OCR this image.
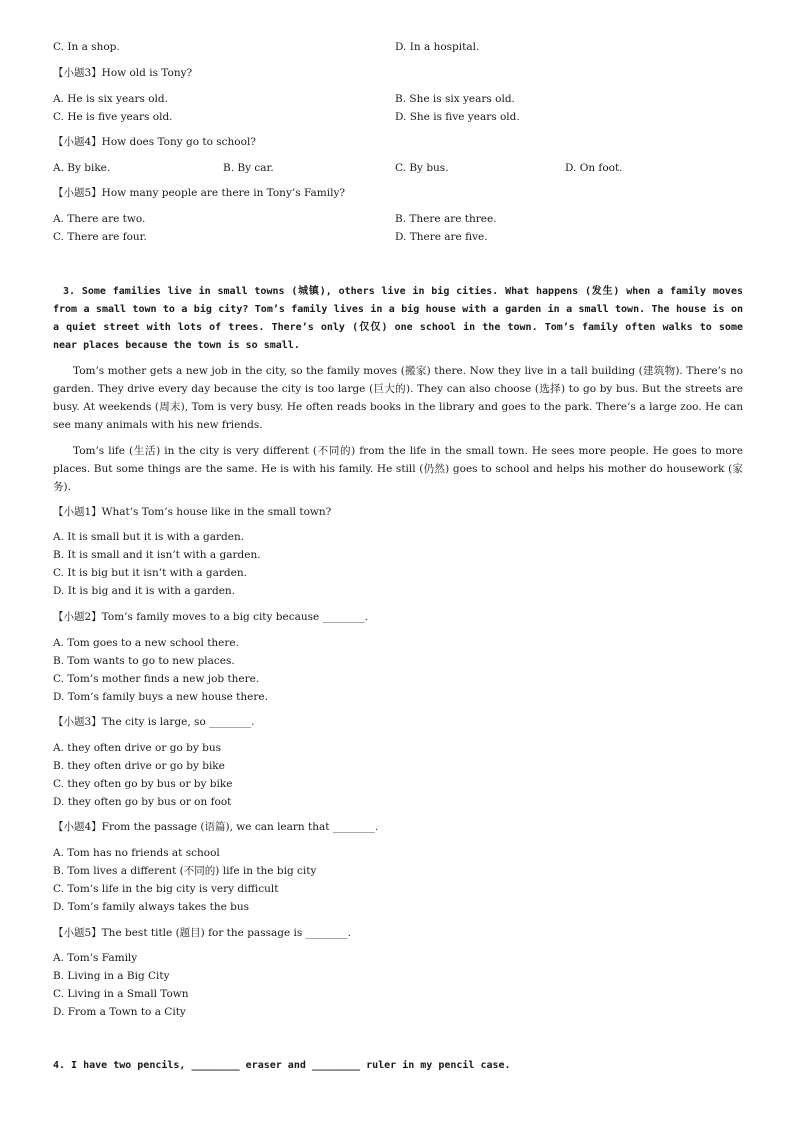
C. In a shop.	D. In a hospital.
【小题3】How old is Tony?
A. He is six years old.	B. She is six years old.
C. He is five years old.	D. She is five years old.
【小题4】How does Tony go to school?
A. By bike.	B. By car.	C. By bus.	D. On foot.
【小题5】How many people are there in Tony’s Family?
A. There are two.	B. There are three.
C. There are four.	D. There are five.
3. Some families live in small towns (城镇), others live in big cities. What happens (发生) when a family moves from a small town to a big city? Tom’s family lives in a big house with a garden in a small town. The house is on a quiet street with lots of trees. There’s only (仅仅) one school in the town. Tom’s family often walks to some near places because the town is so small.
Tom’s mother gets a new job in the city, so the family moves (搬家) there. Now they live in a tall building (建筑物). There’s no garden. They drive every day because the city is too large (巨大的). They can also choose (选择) to go by bus. But the streets are busy. At weekends (周末), Tom is very busy. He often reads books in the library and goes to the park. There’s a large zoo. He can see many animals with his new friends.
Tom’s life (生活) in the city is very different (不同的) from the life in the small town. He sees more people. He goes to more places. But some things are the same. He is with his family. He still (仍然) goes to school and helps his mother do housework (家务).
【小题1】What’s Tom’s house like in the small town?
A. It is small but it is with a garden.
B. It is small and it isn’t with a garden.
C. It is big but it isn’t with a garden.
D. It is big and it is with a garden.
【小题2】Tom’s family moves to a big city because ________.
A. Tom goes to a new school there.
B. Tom wants to go to new places.
C. Tom’s mother finds a new job there.
D. Tom’s family buys a new house there.
【小题3】The city is large, so ________.
A. they often drive or go by bus
B. they often drive or go by bike
C. they often go by bus or by bike
D. they often go by bus or on foot
【小题4】From the passage (语篇), we can learn that ________.
A. Tom has no friends at school
B. Tom lives a different (不同的) life in the big city
C. Tom’s life in the big city is very difficult
D. Tom’s family always takes the bus
【小题5】The best title (题目) for the passage is ________.
A. Tom’s Family
B. Living in a Big City
C. Living in a Small Town
D. From a Town to a City
4. I have two pencils, ________ eraser and ________ ruler in my pencil case.
